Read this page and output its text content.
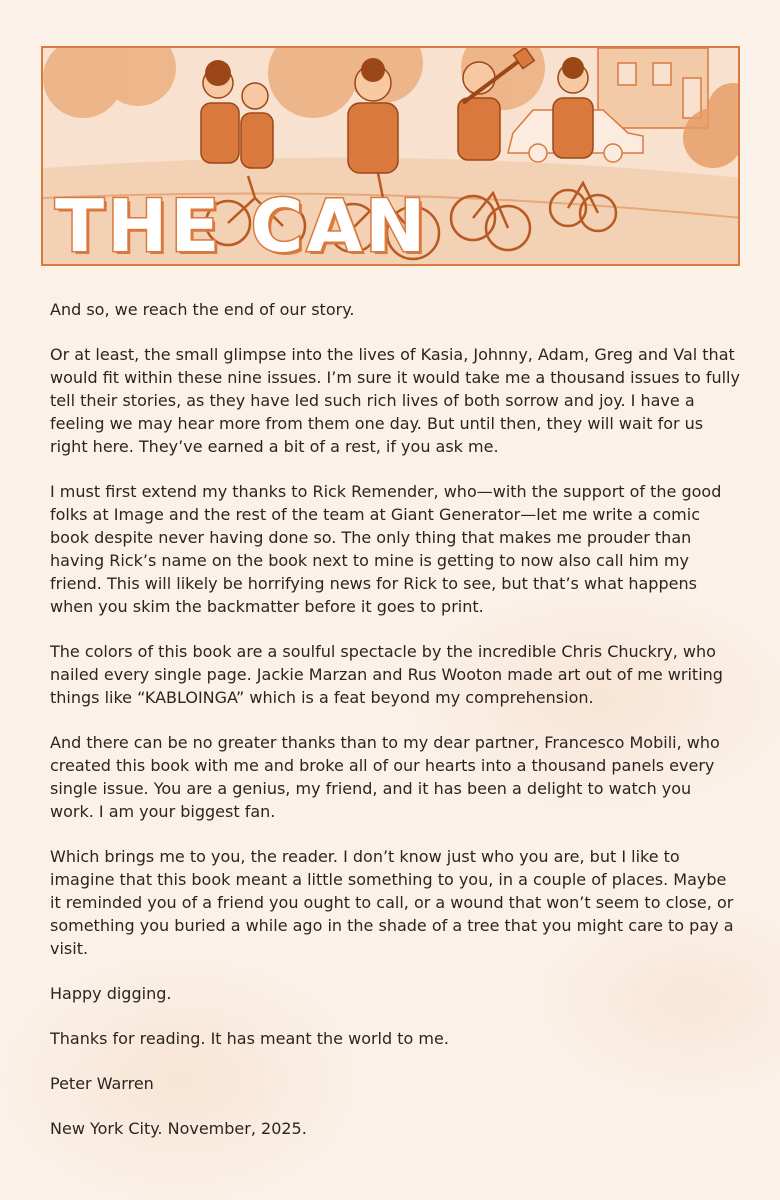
THE CAN

And so, we reach the end of our story.

Or at least, the small glimpse into the lives of Kasia, Johnny, Adam, Greg and Val that would fit within these nine issues. I’m sure it would take me a thousand issues to fully tell their stories, as they have led such rich lives of both sorrow and joy. I have a feeling we may hear more from them one day. But until then, they will wait for us right here. They’ve earned a bit of a rest, if you ask me.

I must first extend my thanks to Rick Remender, who—with the support of the good folks at Image and the rest of the team at Giant Generator—let me write a comic book despite never having done so. The only thing that makes me prouder than having Rick’s name on the book next to mine is getting to now also call him my friend. This will likely be horrifying news for Rick to see, but that’s what happens when you skim the backmatter before it goes to print.

The colors of this book are a soulful spectacle by the incredible Chris Chuckry, who nailed every single page. Jackie Marzan and Rus Wooton made art out of me writing things like “KABLOINGA” which is a feat beyond my comprehension.

And there can be no greater thanks than to my dear partner, Francesco Mobili, who created this book with me and broke all of our hearts into a thousand panels every single issue. You are a genius, my friend, and it has been a delight to watch you work. I am your biggest fan.

Which brings me to you, the reader. I don’t know just who you are, but I like to imagine that this book meant a little something to you, in a couple of places. Maybe it reminded you of a friend you ought to call, or a wound that won’t seem to close, or something you buried a while ago in the shade of a tree that you might care to pay a visit.

Happy digging.

Thanks for reading. It has meant the world to me.

Peter Warren

New York City. November, 2025.
